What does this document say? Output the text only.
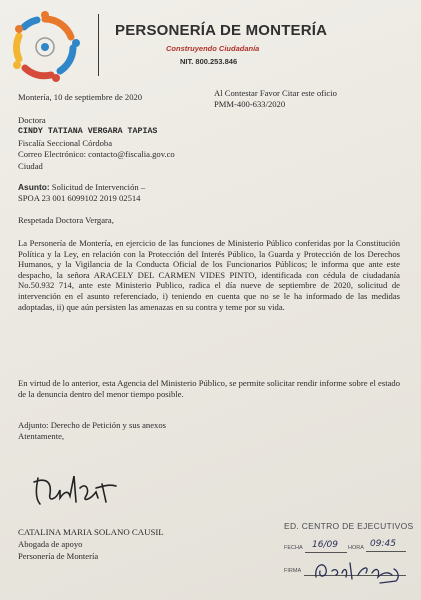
PERSONERÍA DE MONTERÍA
Construyendo Ciudadanía
NIT. 800.253.846
Montería, 10 de septiembre de 2020	Al Contestar Favor Citar este oficio
PMM-400-633/2020
Doctora
CINDY TATIANA VERGARA TAPIAS
Fiscalía Seccional Córdoba
Correo Electrónico: contacto@fiscalia.gov.co
Ciudad
Asunto: Solicitud de Intervención –
SPOA 23 001 6099102 2019 02514
Respetada Doctora Vergara,
La Personería de Montería, en ejercicio de las funciones de Ministerio Público conferidas por la Constitución Política y la Ley, en relación con la Protección del Interés Público, la Guarda y Protección de los Derechos Humanos, y la Vigilancia de la Conducta Oficial de los Funcionarios Públicos; le informa que ante este despacho, la señora ARACELY DEL CARMEN VIDES PINTO, identificada con cédula de ciudadanía No.50.932 714, ante este Ministerio Publico, radica el día nueve de septiembre de 2020, solicitud de intervención en el asunto referenciado, i) teniendo en cuenta que no se le ha informado de las medidas adoptadas, ii) que aún persisten las amenazas en su contra y teme por su vida.
En virtud de lo anterior, esta Agencia del Ministerio Público, se permite solicitar rendir informe sobre el estado de la denuncia dentro del menor tiempo posible.
Adjunto: Derecho de Petición y sus anexos
Atentamente,
CATALINA MARIA SOLANO CAUSIL
Abogada de apoyo
Personería de Montería
ED. CENTRO DE EJECUTIVOS
FECHA 16/09 HORA 09:45
FIRMA
